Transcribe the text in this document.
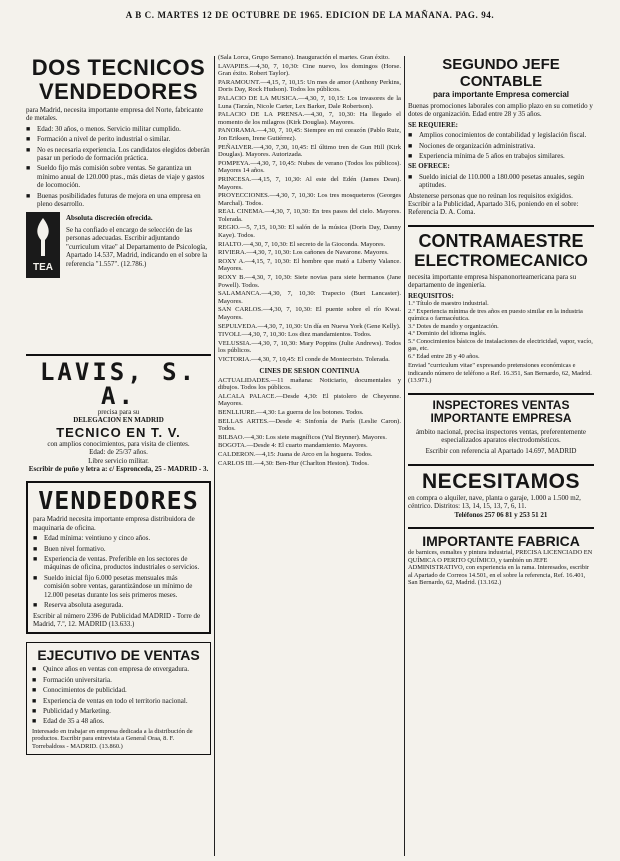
A B C. MARTES 12 DE OCTUBRE DE 1965. EDICION DE LA MAÑANA. PAG. 94.
DOS TECNICOS
VENDEDORES
para Madrid, necesita importante empresa del Norte, fabricante de metales.
■ Edad: 30 años, o menos. Servicio militar cumplido.
■ Formación a nivel de perito industrial o similar.
■ No es necesaria experiencia. Los candidatos elegidos deberán pasar un período de formación práctica.
■ Sueldo fijo más comisión sobre ventas. Se garantiza un mínimo anual de 120.000 ptas., más dietas de viaje y gastos de locomoción.
■ Buenas posibilidades futuras de mejora en una empresa en pleno desarrollo.
TEA
Absoluta discreción ofrecida.
Se ha confiado el encargo de selección de las personas adecuadas. Escribir adjuntando "curriculum vitae" al Departamento de Psicología, Apartado 14.537, Madrid, indicando en el sobre la referencia "1.557". (12.786.)
LAVIS, S. A.
precisa para su
DELEGACION EN MADRID
TECNICO EN T. V.
con amplios conocimientos, para visita de clientes.
Edad: de 25/37 años.
Libre servicio militar.
Escribir de puño y letra a: c/ Espronceda, 25 - MADRID - 3.
VENDEDORES
para Madrid necesita importante empresa distribuidora de maquinaria de oficina.
■ Edad mínima: veintiuno y cinco años.
■ Buen nivel formativo.
■ Experiencia de ventas. Preferible en los sectores de máquinas de oficina, productos industriales o servicios.
■ Sueldo inicial fijo 6.000 pesetas mensuales más comisión sobre ventas, garantizándose un mínimo de 12.000 pesetas durante los seis primeros meses.
■ Reserva absoluta asegurada.
Escribir al número 2396 de Publicidad MADRID - Torre de Madrid, 7.º, 12. MADRID (13.633.)
EJECUTIVO DE VENTAS
■ Quince años en ventas con empresa de envergadura.
■ Formación universitaria.
■ Conocimientos de publicidad.
■ Experiencia de ventas en todo el territorio nacional.
■ Publicidad y Marketing.
■ Edad de 35 a 48 años.
Interesado en trabajar en empresa dedicada a la distribución de productos. Escribir para entrevista a General Oraa, 8. F. Torrebaldoss - MADRID. (13.860.)

(Sala Lorca, Grupo Serrano). Inauguración el martes. Gran éxito.

LAVAPIES.—4,30, 7, 10,30: Cine nuevo, los domingos (Horse. Gran éxito. Robert Taylor).

PARAMOUNT.—4,15, 7, 10,15: Un mes de amor (Anthony Perkins, Doris Day, Rock Hudson). Todos los públicos.

PALACIO DE LA MUSICA.—4,30, 7, 10,15: Los invasores de la Luna (Tarzán, Nicole Carter, Lex Barker, Dale Robertson).

PALACIO DE LA PRENSA.—4,30, 7, 10,30: Ha llegado el momento de los milagros (Kirk Douglas). Mayores.

PANORAMA.—4,30, 7, 10,45: Siempre en mi corazón (Pablo Ruiz, Jon Eriksen, Irene Gutiérrez).

PEÑALVER.—4,30, 7,30, 10,45: El último tren de Gun Hill (Kirk Douglas). Mayores. Autorizada.

POMPEYA.—4,30, 7, 10,45: Nubes de verano (Todos los públicos). Mayores 14 años.

PRINCESA.—4,15, 7, 10,30: Al este del Edén (James Dean). Mayores.

PROYECCIONES.—4,30, 7, 10,30: Los tres mosqueteros (Georges Marchal). Todos.

REAL CINEMA.—4,30, 7, 10,30: En tres pasos del cielo. Mayores. Tolerada.

REGIO.—5, 7,15, 10,30: El salón de la música (Doris Day, Danny Kaye). Todos.

RIALTO.—4,30, 7, 10,30: El secreto de la Gioconda. Mayores.

RIVIERA.—4,30, 7, 10,30: Los cañones de Navarone. Mayores.

ROXY A.—4,15, 7, 10,30: El hombre que mató a Liberty Valance. Mayores.

ROXY B.—4,30, 7, 10,30: Siete novias para siete hermanos (Jane Powell). Todos.

SALAMANCA.—4,30, 7, 10,30: Trapecio (Burt Lancaster). Mayores.

SAN CARLOS.—4,30, 7, 10,30: El puente sobre el río Kwai. Mayores.

SEPULVEDA.—4,30, 7, 10,30: Un día en Nueva York (Gene Kelly).

TIVOLI.—4,30, 7, 10,30: Los diez mandamientos. Todos.

VELUSSIA.—4,30, 7, 10,30: Mary Poppins (Julie Andrews). Todos los públicos.

VICTORIA.—4,30, 7, 10,45: El conde de Montecristo. Tolerada.

CINES DE SESION CONTINUA

ACTUALIDADES.—11 mañana: Noticiario, documentales y dibujos. Todos los públicos.

ALCALA PALACE.—Desde 4,30: El pistolero de Cheyenne. Mayores.

BENLLIURE.—4,30: La guerra de los botones. Todos.

BELLAS ARTES.—Desde 4: Sinfonía de París (Leslie Caron). Todos.

BILBAO.—4,30: Los siete magníficos (Yul Brynner). Mayores.

BOGOTA.—Desde 4: El cuarto mandamiento. Mayores.

CALDERON.—4,15: Juana de Arco en la hoguera. Todos.

CARLOS III.—4,30: Ben-Hur (Charlton Heston). Todos.

SEGUNDO JEFE
CONTABLE
para importante Empresa comercial
Buenas promociones laborales con amplio plazo en su cometido y dotes de organización. Edad entre 28 y 35 años.
SE REQUIERE:
■ Amplios conocimientos de contabilidad y legislación fiscal.
■ Nociones de organización administrativa.
■ Experiencia mínima de 5 años en trabajos similares.
SE OFRECE:
■ Sueldo inicial de 110.000 a 180.000 pesetas anuales, según aptitudes.
Abstenerse personas que no reúnan los requisitos exigidos. Escribir a la Publicidad, Apartado 316, poniendo en el sobre: Referencia D. A. Coma.
CONTRAMAESTRE
ELECTROMECANICO
necesita importante empresa hispanonorteamericana para su departamento de ingeniería.
REQUISITOS:
1.º Título de maestro industrial.
2.º Experiencia mínima de tres años en puesto similar en la industria química o farmacéutica.
3.º Dotes de mando y organización.
4.º Dominio del idioma inglés.
5.º Conocimientos básicos de instalaciones de electricidad, vapor, vacío, gas, etc.
6.º Edad entre 28 y 40 años.
Enviad "curriculum vitae" expresando pretensiones económicas e indicando número de teléfono a Ref. 16.351, San Bernardo, 62, Madrid. (13.971.)
INSPECTORES VENTAS
IMPORTANTE EMPRESA
ámbito nacional, precisa inspectores ventas, preferentemente especializados aparatos electrodomésticos.
Escribir con referencia al Apartado 14.697, MADRID
NECESITAMOS
en compra o alquiler, nave, planta o garaje, 1.000 a 1.500 m2, céntrico. Distritos: 13, 14, 15, 13, 7, 6, 11.
Teléfonos 257 06 81 y 253 51 21
IMPORTANTE FABRICA
de barnices, esmaltes y pintura industrial, PRECISA LICENCIADO EN QUÍMICA O PERITO QUÍMICO, y también un JEFE ADMINISTRATIVO, con experiencia en la rama. Interesados, escribir al Apartado de Correos 14.501, en el sobre la referencia, Ref. 16.401, San Bernardo, 62, Madrid. (13.162.)
